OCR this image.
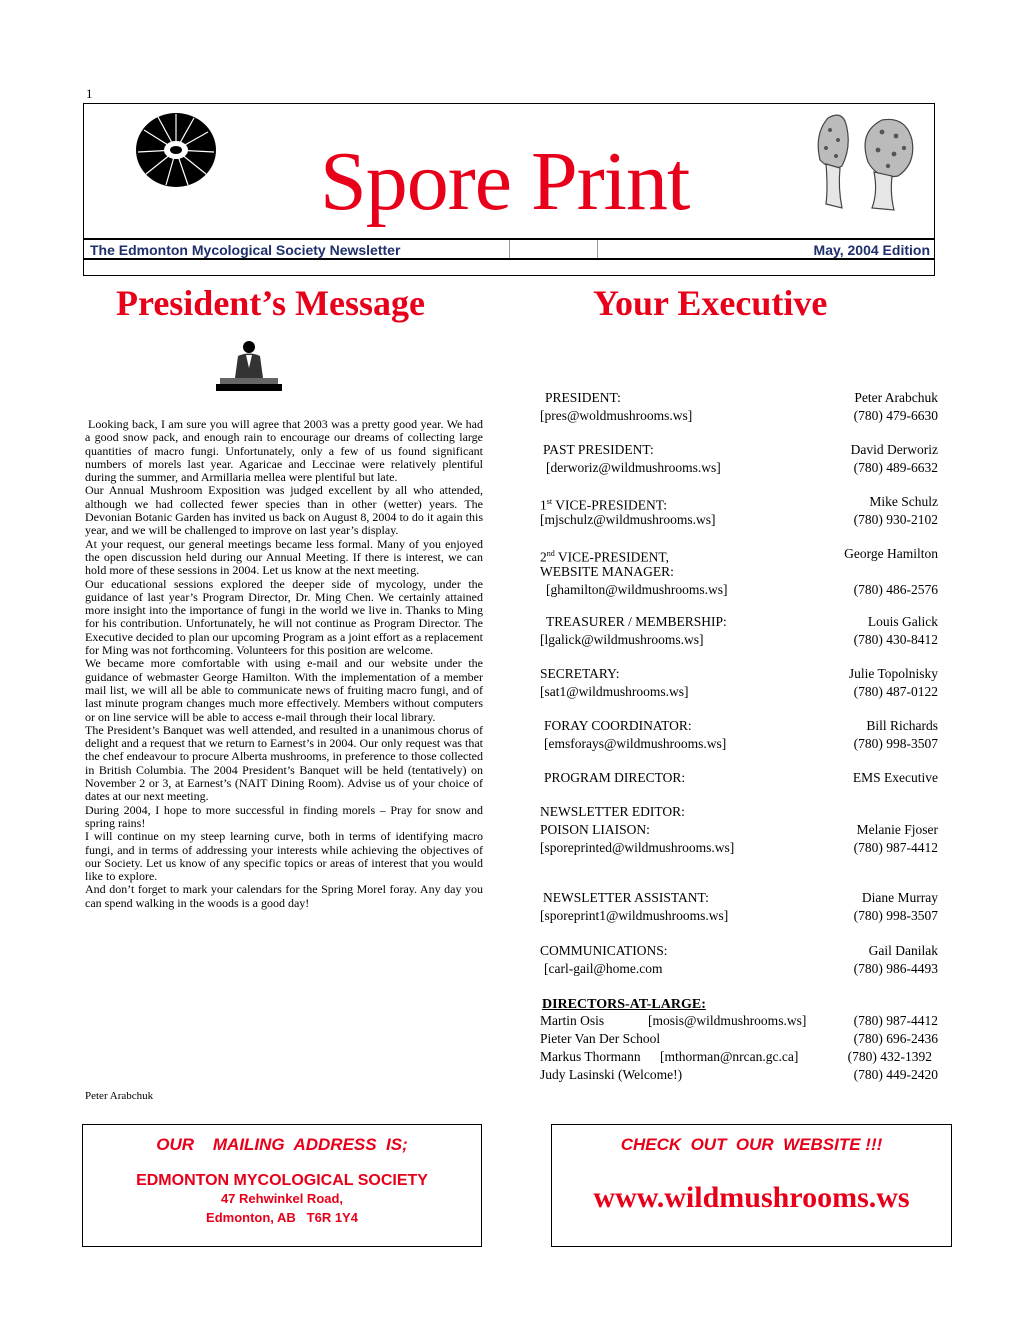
1
Spore Print
The Edmonton Mycological Society Newsletter	May, 2004 Edition
President’s Message	Your Executive

Looking back, I am sure you will agree that 2003 was a pretty good year. We had a good snow pack, and enough rain to encourage our dreams of collecting large quantities of macro fungi. Unfortunately, only a few of us found significant numbers of morels last year. Agaricae and Leccinae were relatively plentiful during the summer, and Armillaria mellea were plentiful but late.

Our Annual Mushroom Exposition was judged excellent by all who attended, although we had collected fewer species than in other (wetter) years. The Devonian Botanic Garden has invited us back on August 8, 2004 to do it again this year, and we will be challenged to improve on last year’s display.

At your request, our general meetings became less formal. Many of you enjoyed the open discussion held during our Annual Meeting. If there is interest, we can hold more of these sessions in 2004. Let us know at the next meeting.

Our educational sessions explored the deeper side of mycology, under the guidance of last year’s Program Director, Dr. Ming Chen. We certainly attained more insight into the importance of fungi in the world we live in. Thanks to Ming for his contribution. Unfortunately, he will not continue as Program Director. The Executive decided to plan our upcoming Program as a joint effort as a replacement for Ming was not forthcoming. Volunteers for this position are welcome.

We became more comfortable with using e-mail and our website under the guidance of webmaster George Hamilton. With the implementation of a member mail list, we will all be able to communicate news of fruiting macro fungi, and of last minute program changes much more effectively. Members without computers or on line service will be able to access e-mail through their local library.

The President’s Banquet was well attended, and resulted in a unanimous chorus of delight and a request that we return to Earnest’s in 2004. Our only request was that the chef endeavour to procure Alberta mushrooms, in preference to those collected in British Columbia. The 2004 President’s Banquet will be held (tentatively) on November 2 or 3, at Earnest’s (NAIT Dining Room). Advise us of your choice of dates at our next meeting.

During 2004, I hope to more successful in finding morels – Pray for snow and spring rains!

I will continue on my steep learning curve, both in terms of identifying macro fungi, and in terms of addressing your interests while achieving the objectives of our Society. Let us know of any specific topics or areas of interest that you would like to explore.

And don’t forget to mark your calendars for the Spring Morel foray. Any day you can spend walking in the woods is a good day!

Peter Arabchuk
PRESIDENT:	Peter Arabchuk
[pres@woldmushrooms.ws]	(780) 479-6630
PAST PRESIDENT:	David Derworiz
[derworiz@wildmushrooms.ws]	(780) 489-6632
1st VICE-PRESIDENT:	Mike Schulz
[mjschulz@wildmushrooms.ws]	(780) 930-2102
2nd VICE-PRESIDENT,	George Hamilton
WEBSITE MANAGER:
[ghamilton@wildmushrooms.ws]	(780) 486-2576
TREASURER / MEMBERSHIP:	Louis Galick
[lgalick@wildmushrooms.ws]	(780) 430-8412
SECRETARY:	Julie Topolnisky
[sat1@wildmushrooms.ws]	(780) 487-0122
FORAY COORDINATOR:	Bill Richards
[emsforays@wildmushrooms.ws]	(780) 998-3507
PROGRAM DIRECTOR:	EMS Executive
NEWSLETTER EDITOR:
POISON LIAISON:	Melanie Fjoser
[sporeprinted@wildmushrooms.ws]	(780) 987-4412
NEWSLETTER ASSISTANT:	Diane Murray
[sporeprint1@wildmushrooms.ws]	(780) 998-3507
COMMUNICATIONS:	Gail Danilak
[carl-gail@home.com	(780) 986-4493
DIRECTORS-AT-LARGE:
Martin Osis	[mosis@wildmushrooms.ws]	(780) 987-4412
Pieter Van Der School	(780) 696-2436
Markus Thormann [mthorman@nrcan.gc.ca]	(780) 432-1392
Judy Lasinski (Welcome!)	(780) 449-2420
OUR    MAILING  ADDRESS  IS;
EDMONTON MYCOLOGICAL SOCIETY
47 Rehwinkel Road,
Edmonton, AB   T6R 1Y4
CHECK  OUT  OUR  WEBSITE !!!
www.wildmushrooms.ws
